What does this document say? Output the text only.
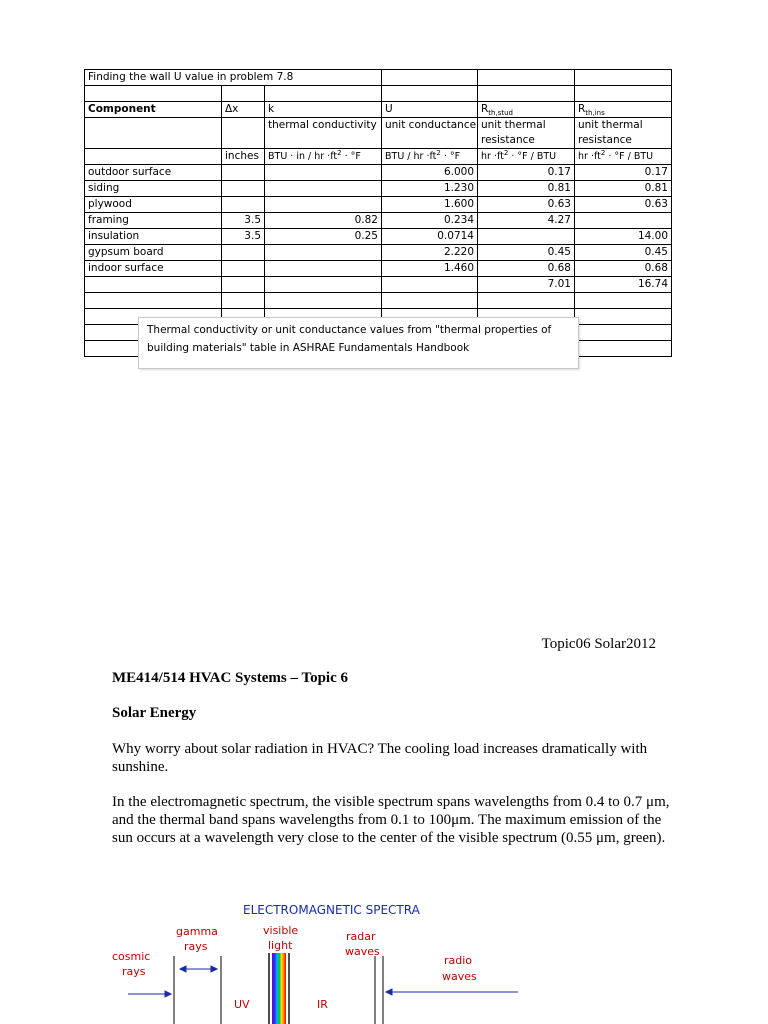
Finding the wall U value in problem 7.8					

Component	Δx	k	U	Rth,stud	Rth,ins
		thermal conductivity	unit conductance	unit thermal	unit thermal
				resistance	resistance
	inches	BTU · in / hr $\cdot ft^2 \cdot ^\circ F$	BTU / hr $\cdot ft^2 \cdot ^\circ F$	hr $\cdot ft^2 \cdot ^\circ F$ / BTU	hr $\cdot ft^2 \cdot ^\circ F$ / BTU
outdoor surface			6.000	0.17	0.17
siding			1.230	0.81	0.81
plywood			1.600	0.63	0.63
framing	3.5	0.82	0.234	4.27	
insulation	3.5	0.25	0.0714		14.00
gypsum board			2.220	0.45	0.45
indoor surface			1.460	0.68	0.68
				7.01	16.74

Thermal conductivity or unit conductance values from "thermal properties of building materials" table in ASHRAE Fundamentals Handbook
Topic06 Solar2012
ME414/514 HVAC Systems – Topic 6
Solar Energy

Why worry about solar radiation in HVAC? The cooling load increases dramatically with sunshine.

In the electromagnetic spectrum, the visible spectrum spans wavelengths from 0.4 to 0.7 μm, and the thermal band spans wavelengths from 0.1 to 100μm. The maximum emission of the sun occurs at a wavelength very close to the center of the visible spectrum (0.55 μm, green).

ELECTROMAGNETIC SPECTRA
cosmic
rays
gamma
rays
visible
light
radar
waves
radio
waves
UV	IR
